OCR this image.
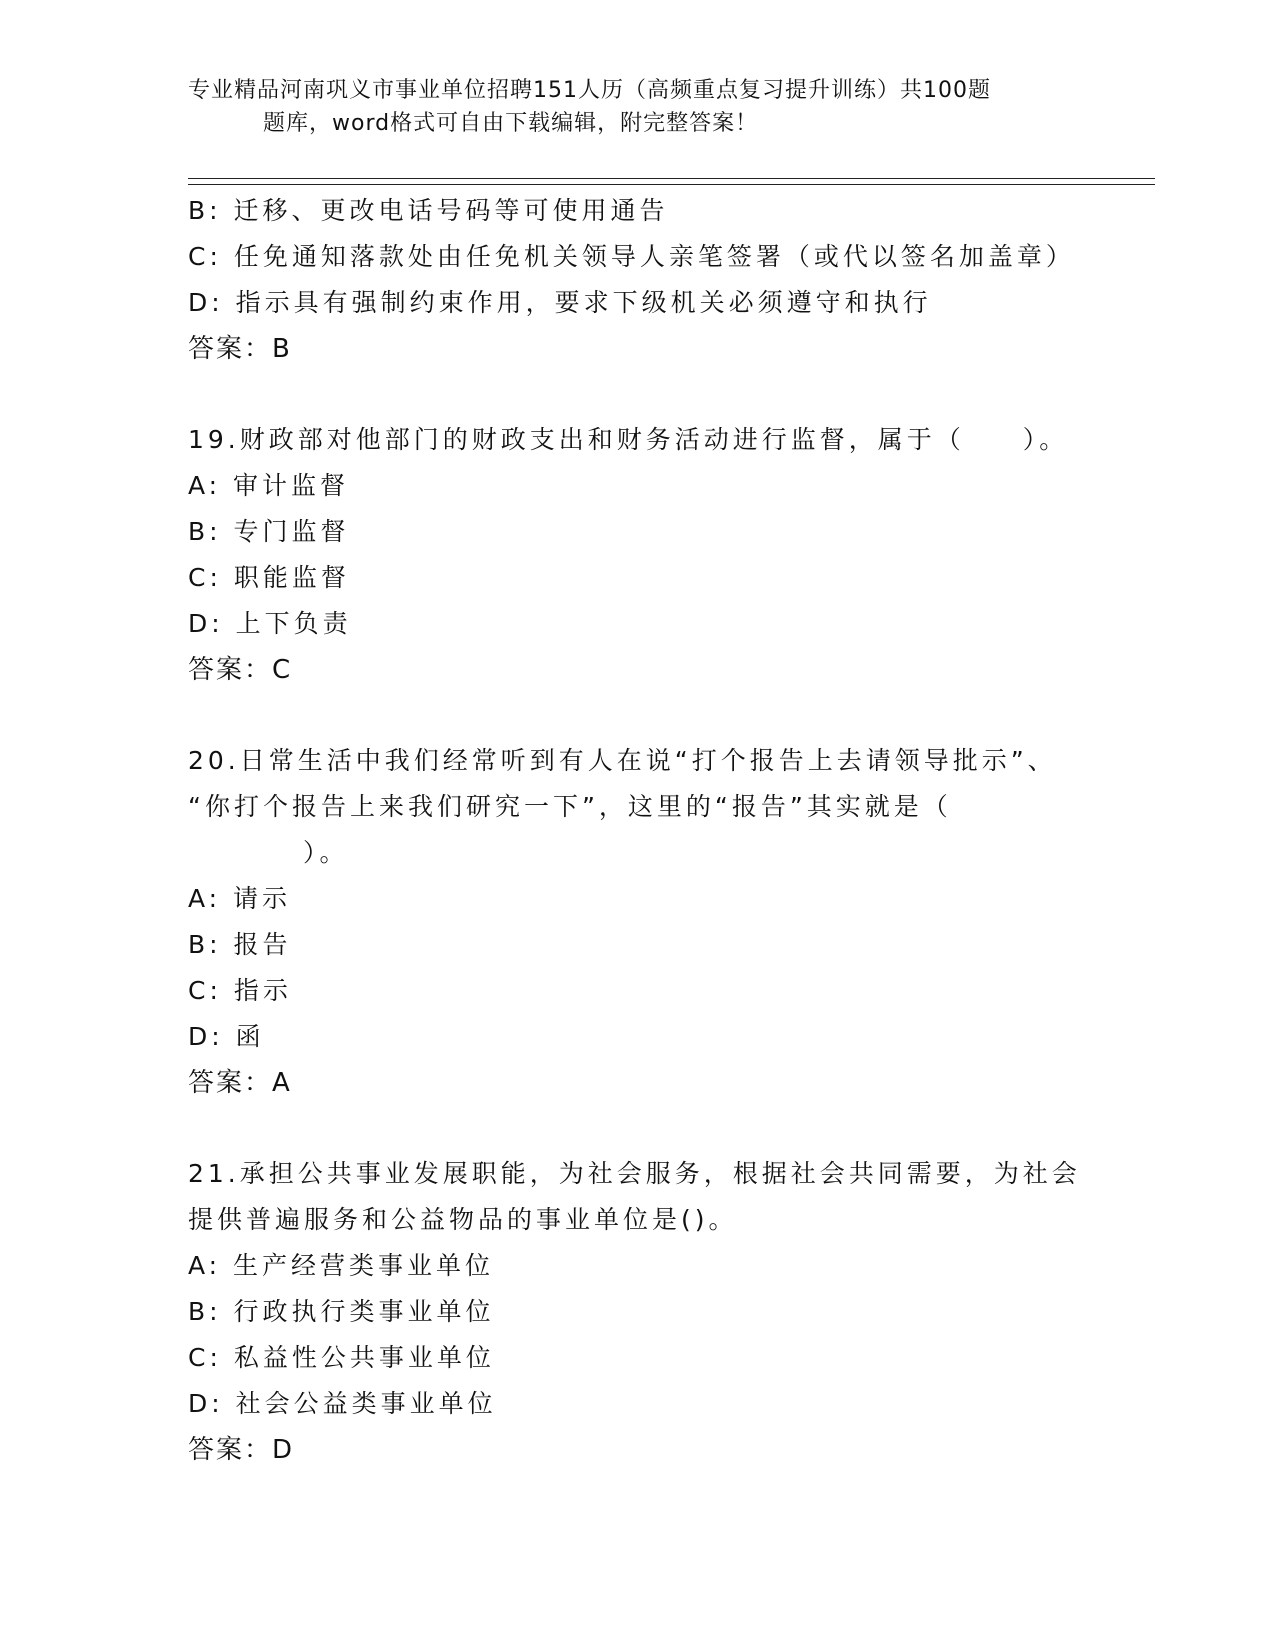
专业精品河南巩义市事业单位招聘151人历（高频重点复习提升训练）共100题
题库，word格式可自由下载编辑，附完整答案！
B: 迁移、更改电话号码等可使用通告
C: 任免通知落款处由任免机关领导人亲笔签署（或代以签名加盖章）
D: 指示具有强制约束作用，要求下级机关必须遵守和执行
答案：B
19.财政部对他部门的财政支出和财务活动进行监督，属于（　　）。
A: 审计监督
B: 专门监督
C: 职能监督
D: 上下负责
答案：C
20.日常生活中我们经常听到有人在说“打个报告上去请领导批示”、
“你打个报告上来我们研究一下”，这里的“报告”其实就是（
）。
A: 请示
B: 报告
C: 指示
D: 函
答案：A
21.承担公共事业发展职能，为社会服务，根据社会共同需要，为社会
提供普遍服务和公益物品的事业单位是()。
A: 生产经营类事业单位
B: 行政执行类事业单位
C: 私益性公共事业单位
D: 社会公益类事业单位
答案：D
